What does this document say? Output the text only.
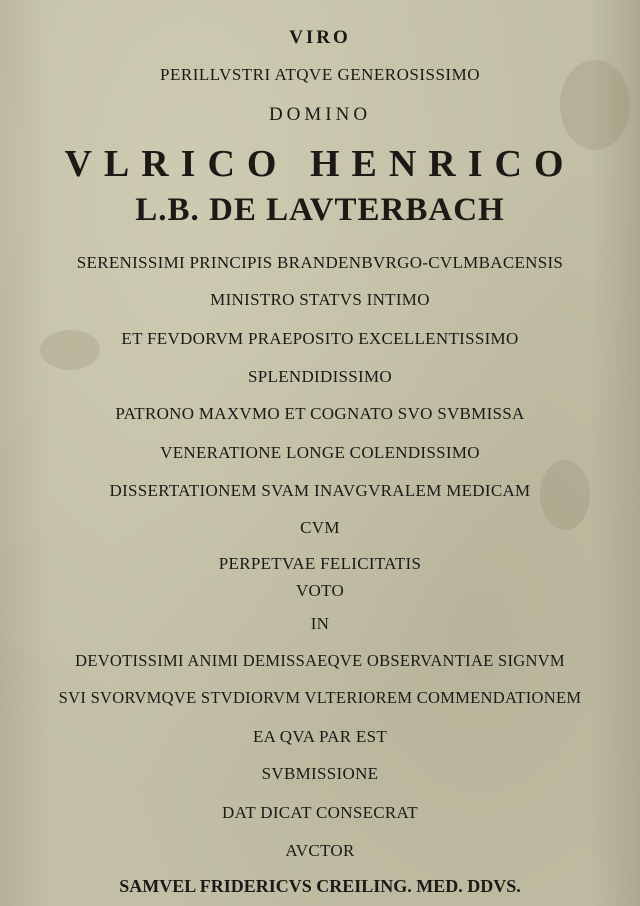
VIRO
PERILLVSTRI ATQVE GENEROSISSIMO
DOMINO
VLRICO HENRICO
L.B. DE LAVTERBACH
SERENISSIMI PRINCIPIS BRANDENBVRGO-CVLMBACENSIS
MINISTRO STATVS INTIMO
ET FEVDORVM PRAEPOSITO EXCELLENTISSIMO
SPLENDIDISSIMO
PATRONO MAXVMO ET COGNATO SVO SVBMISSA
VENERATIONE LONGE COLENDISSIMO
DISSERTATIONEM SVAM INAVGVRALEM MEDICAM
CVM
PERPETVAE FELICITATIS
VOTO
IN
DEVOTISSIMI ANIMI DEMISSAEQVE OBSERVANTIAE SIGNVM
SVI SVORVMQVE STVDIORVM VLTERIOREM COMMENDATIONEM
EA QVA PAR EST
SVBMISSIONE
DAT DICAT CONSECRAT
AVCTOR
SAMVEL FRIDERICVS CREILING. MED. DDVS.
